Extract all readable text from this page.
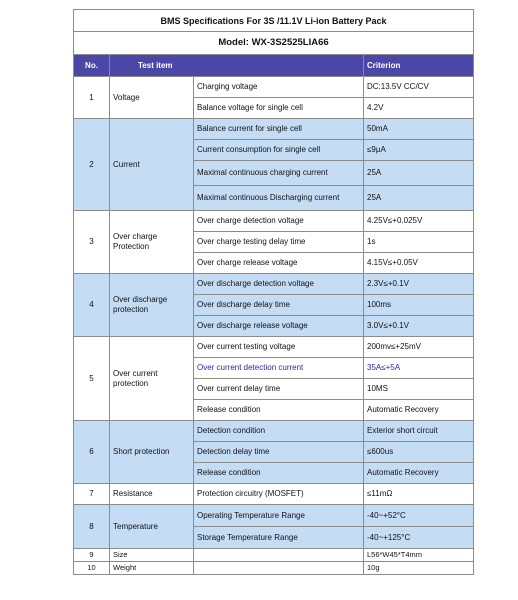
BMS Specifications For 3S /11.1V Li-ion Battery Pack			
Model: WX-3S2525LIA66			
No.	Test item		Criterion
1	Voltage	Charging voltage	DC:13.5V CC/CV
		Balance voltage for single cell	4.2V
2	Current	Balance current for single cell	50mA
		Current consumption for single cell	≤9μA
		Maximal continuous charging current	25A
		Maximal continuous Discharging current	25A
3	Over charge Protection	Over charge detection voltage	4.25V≤+0.025V
		Over charge testing delay time	1s
		Over charge release voltage	4.15V≤+0.05V
4	Over discharge protection	Over discharge detection voltage	2.3V≤+0.1V
		Over discharge delay time	100ms
		Over discharge release voltage	3.0V≤+0.1V
5	Over current protection	Over current testing voltage	200mv≤+25mV
		Over current detection current	35A≤+5A
		Over current delay time	10MS
		Release condition	Automatic Recovery
6	Short protection	Detection condition	Exterior short circuit
		Detection delay time	≤600us
		Release condition	Automatic Recovery
7	Resistance	Protection circuitry (MOSFET)	≤11mΩ
8	Temperature	Operating Temperature Range	-40~+52°C
		Storage Temperature Range	-40~+125°C
9	Size		L56*W45*T4mm
10	Weight		10g
